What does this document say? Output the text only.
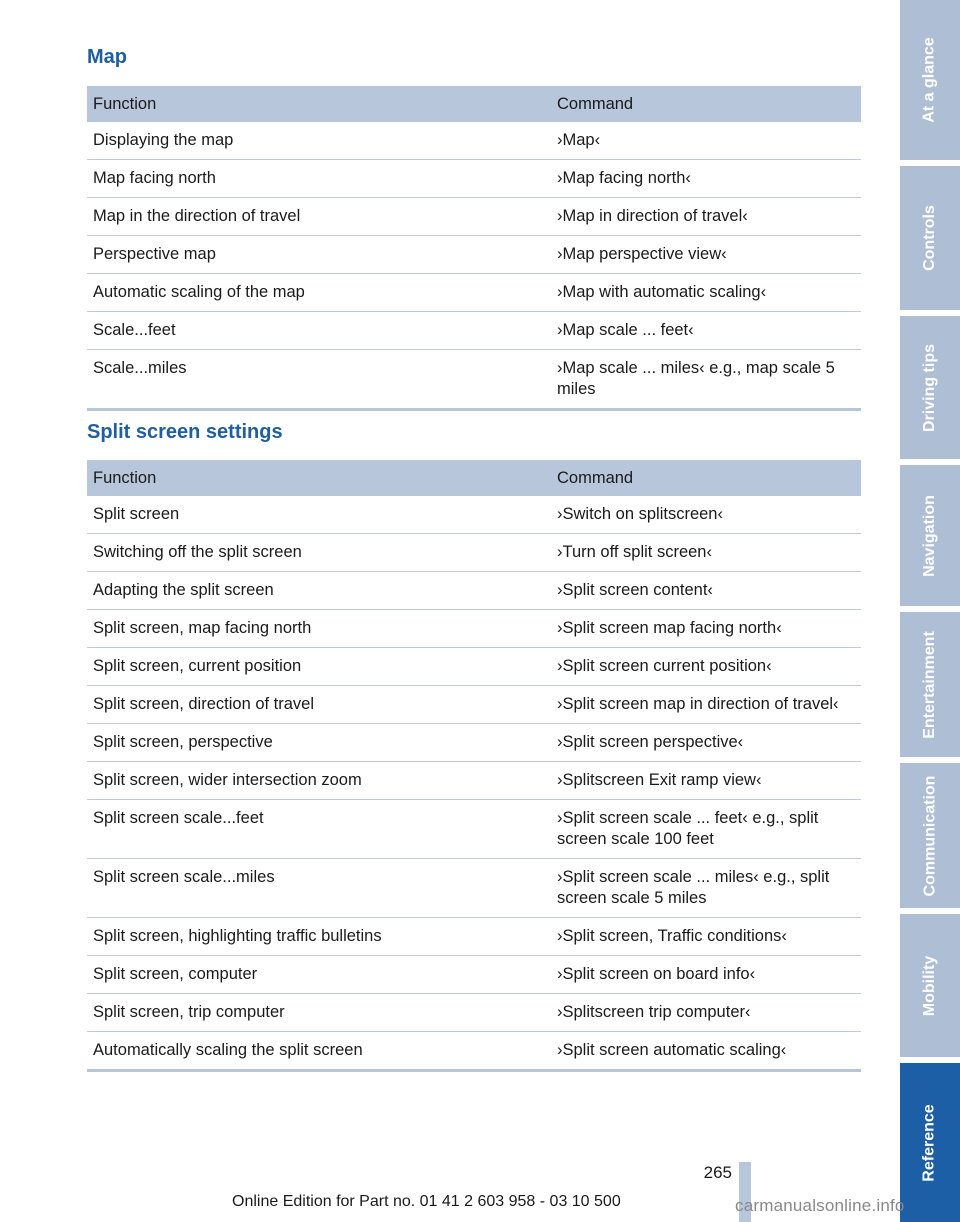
Map
Function	Command
Displaying the map	›Map‹
Map facing north	›Map facing north‹
Map in the direction of travel	›Map in direction of travel‹
Perspective map	›Map perspective view‹
Automatic scaling of the map	›Map with automatic scaling‹
Scale...feet	›Map scale ... feet‹
Scale...miles	›Map scale ... miles‹ e.g., map scale 5 miles
Split screen settings
Function	Command
Split screen	›Switch on splitscreen‹
Switching off the split screen	›Turn off split screen‹
Adapting the split screen	›Split screen content‹
Split screen, map facing north	›Split screen map facing north‹
Split screen, current position	›Split screen current position‹
Split screen, direction of travel	›Split screen map in direction of travel‹
Split screen, perspective	›Split screen perspective‹
Split screen, wider intersection zoom	›Splitscreen Exit ramp view‹
Split screen scale...feet	›Split screen scale ... feet‹ e.g., split screen scale 100 feet
Split screen scale...miles	›Split screen scale ... miles‹ e.g., split screen scale 5 miles
Split screen, highlighting traffic bulletins	›Split screen, Traffic conditions‹
Split screen, computer	›Split screen on board info‹
Split screen, trip computer	›Splitscreen trip computer‹
Automatically scaling the split screen	›Split screen automatic scaling‹
At a glance
Controls
Driving tips
Navigation
Entertainment
Communication
Mobility
Reference
265
Online Edition for Part no. 01 41 2 603 958 - 03 10 500	carmanualsonline.info
